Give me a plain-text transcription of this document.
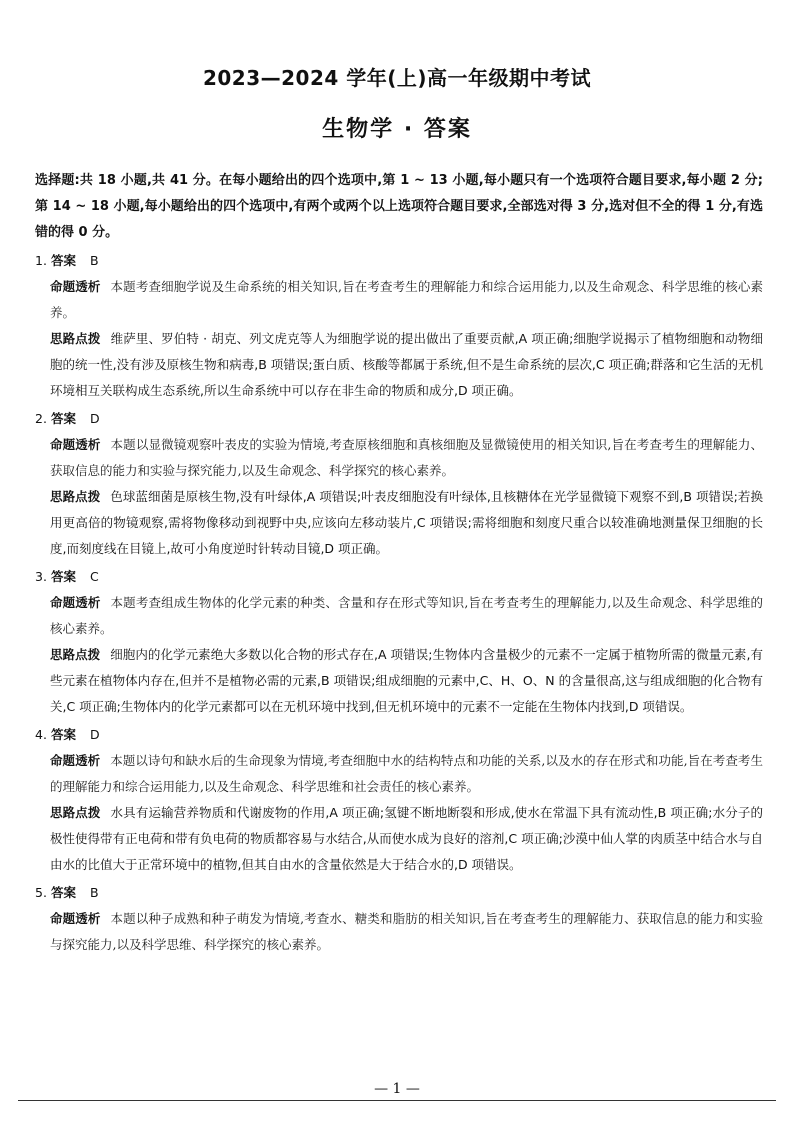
2023—2024 学年(上)高一年级期中考试
生物学 · 答案

选择题:共 18 小题,共 41 分。在每小题给出的四个选项中,第 1 ~ 13 小题,每小题只有一个选项符合题目要求,每小题 2 分;第 14 ~ 18 小题,每小题给出的四个选项中,有两个或两个以上选项符合题目要求,全部选对得 3 分,选对但不全的得 1 分,有选错的得 0 分。

1. 答案 B

命题透析 本题考查细胞学说及生命系统的相关知识,旨在考查考生的理解能力和综合运用能力,以及生命观念、科学思维的核心素养。

思路点拨 维萨里、罗伯特 · 胡克、列文虎克等人为细胞学说的提出做出了重要贡献,A 项正确;细胞学说揭示了植物细胞和动物细胞的统一性,没有涉及原核生物和病毒,B 项错误;蛋白质、核酸等都属于系统,但不是生命系统的层次,C 项正确;群落和它生活的无机环境相互关联构成生态系统,所以生命系统中可以存在非生命的物质和成分,D 项正确。

2. 答案 D

命题透析 本题以显微镜观察叶表皮的实验为情境,考查原核细胞和真核细胞及显微镜使用的相关知识,旨在考查考生的理解能力、获取信息的能力和实验与探究能力,以及生命观念、科学探究的核心素养。

思路点拨 色球蓝细菌是原核生物,没有叶绿体,A 项错误;叶表皮细胞没有叶绿体,且核糖体在光学显微镜下观察不到,B 项错误;若换用更高倍的物镜观察,需将物像移动到视野中央,应该向左移动装片,C 项错误;需将细胞和刻度尺重合以较准确地测量保卫细胞的长度,而刻度线在目镜上,故可小角度逆时针转动目镜,D 项正确。

3. 答案 C

命题透析 本题考查组成生物体的化学元素的种类、含量和存在形式等知识,旨在考查考生的理解能力,以及生命观念、科学思维的核心素养。

思路点拨 细胞内的化学元素绝大多数以化合物的形式存在,A 项错误;生物体内含量极少的元素不一定属于植物所需的微量元素,有些元素在植物体内存在,但并不是植物必需的元素,B 项错误;组成细胞的元素中,C、H、O、N 的含量很高,这与组成细胞的化合物有关,C 项正确;生物体内的化学元素都可以在无机环境中找到,但无机环境中的元素不一定能在生物体内找到,D 项错误。

4. 答案 D

命题透析 本题以诗句和缺水后的生命现象为情境,考查细胞中水的结构特点和功能的关系,以及水的存在形式和功能,旨在考查考生的理解能力和综合运用能力,以及生命观念、科学思维和社会责任的核心素养。

思路点拨 水具有运输营养物质和代谢废物的作用,A 项正确;氢键不断地断裂和形成,使水在常温下具有流动性,B 项正确;水分子的极性使得带有正电荷和带有负电荷的物质都容易与水结合,从而使水成为良好的溶剂,C 项正确;沙漠中仙人掌的肉质茎中结合水与自由水的比值大于正常环境中的植物,但其自由水的含量依然是大于结合水的,D 项错误。

5. 答案 B

命题透析 本题以种子成熟和种子萌发为情境,考查水、糖类和脂肪的相关知识,旨在考查考生的理解能力、获取信息的能力和实验与探究能力,以及科学思维、科学探究的核心素养。

— 1 —
